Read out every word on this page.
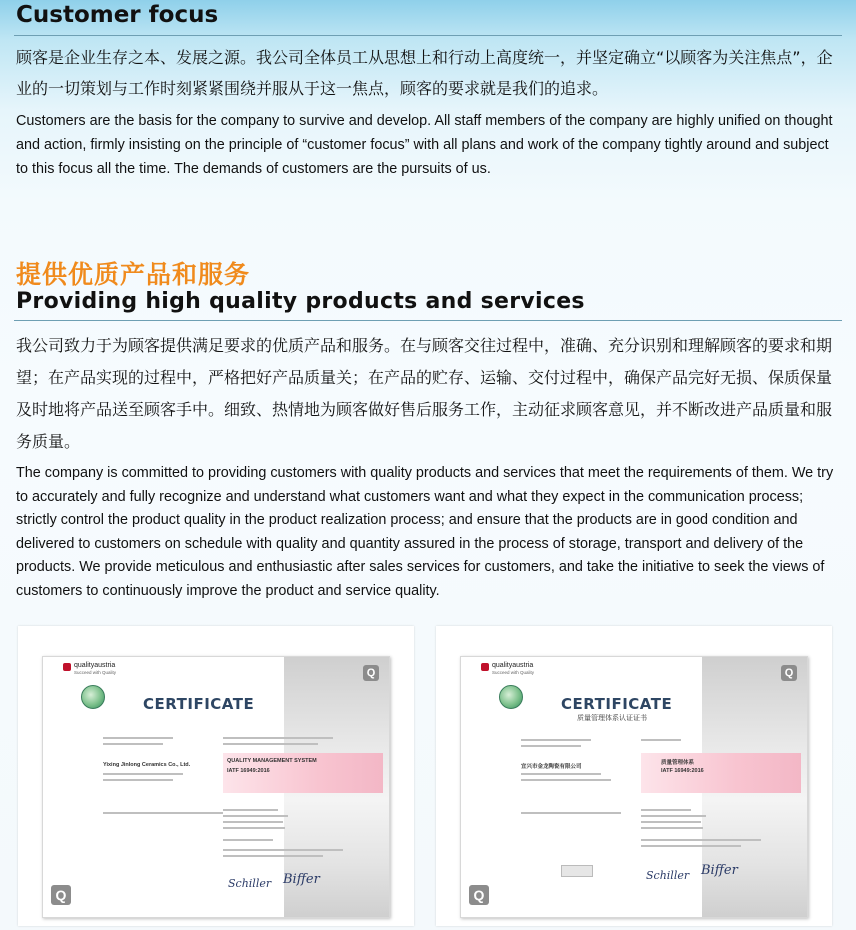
Customer focus

顾客是企业生存之本、发展之源。我公司全体员工从思想上和行动上高度统一，并坚定确立“以顾客为关注焦点”，企业的一切策划与工作时刻紧紧围绕并服从于这一焦点，顾客的要求就是我们的追求。

Customers are the basis for the company to survive and develop. All staff members of the company are highly unified on thought and action, firmly insisting on the principle of “customer focus” with all plans and work of the company tightly around and subject to this focus all the time. The demands of customers are the pursuits of us.

提供优质产品和服务
Providing high quality products and services

我公司致力于为顾客提供满足要求的优质产品和服务。在与顾客交往过程中，准确、充分识别和理解顾客的要求和期望；在产品实现的过程中，严格把好产品质量关；在产品的贮存、运输、交付过程中，确保产品完好无损、保质保量及时地将产品送至顾客手中。细致、热情地为顾客做好售后服务工作，主动征求顾客意见，并不断改进产品质量和服务质量。

The company is committed to providing customers with quality products and services that meet the requirements of them. We try to accurately and fully recognize and understand what customers want and what they expect in the communication process; strictly control the product quality in the product realization process; and ensure that the products are in good condition and delivered to customers on schedule with quality and quantity assured in the process of storage, transport and delivery of the products. We provide meticulous and enthusiastic after sales services for customers, and take the initiative to seek the views of customers to continuously improve the product and service quality.

qualityaustria
Succeed with Quality	Q
CERTIFICATE
Yixing Jinlong Ceramics Co., Ltd.
QUALITY MANAGEMENT SYSTEM
IATF 16949:2016
Schiller Biffer
Q
qualityaustria
Succeed with Quality	Q
CERTIFICATE
质量管理体系认证证书
宜兴市金龙陶瓷有限公司
质量管理体系
IATF 16949:2016
Schiller Biffer
Q
